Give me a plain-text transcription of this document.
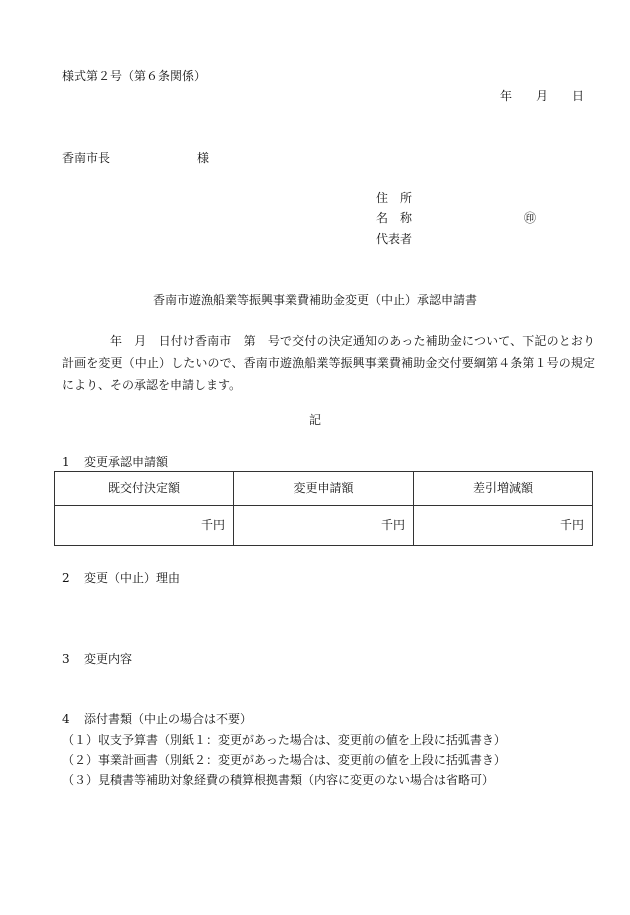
様式第２号（第６条関係）
年　　月　　日
香南市長	様
住　所
名　称	㊞
代表者
香南市遊漁船業等振興事業費補助金変更（中止）承認申請書
年　月　日付け香南市　第　号で交付の決定通知のあった補助金について、下記のとおり計画を変更（中止）したいので、香南市遊漁船業等振興事業費補助金交付要綱第４条第１号の規定により、その承認を申請します。
記
1 変更承認申請額
既交付決定額	変更申請額	差引増減額
千円	千円	千円
2 変更（中止）理由
3 変更内容
4 添付書類（中止の場合は不要）
（１）収支予算書（別紙１：変更があった場合は、変更前の値を上段に括弧書き）
（２）事業計画書（別紙２：変更があった場合は、変更前の値を上段に括弧書き）
（３）見積書等補助対象経費の積算根拠書類（内容に変更のない場合は省略可）
